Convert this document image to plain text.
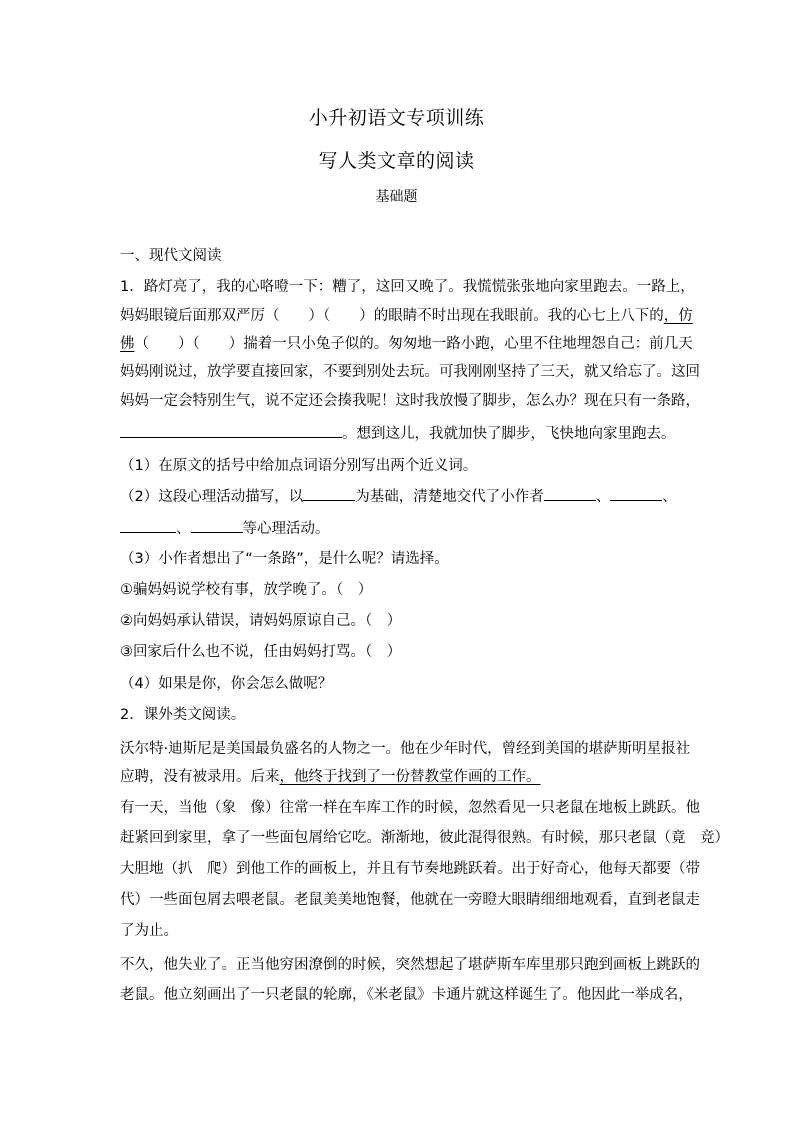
小升初语文专项训练
写人类文章的阅读
基础题
一、现代文阅读
1．路灯亮了，我的心咯噔一下：糟了，这回又晚了。我慌慌张张地向家里跑去。一路上，
妈妈眼镜后面那双严厉（　　）（　　）的眼睛不时出现在我眼前。我的心七上八下的，仿
佛（　　）（　　）揣着一只小兔子似的。匆匆地一路小跑，心里不住地埋怨自己：前几天
妈妈刚说过，放学要直接回家，不要到别处去玩。可我刚刚坚持了三天，就又给忘了。这回
妈妈一定会特别生气，说不定还会揍我呢！这时我放慢了脚步，怎么办？现在只有一条路，
。想到这儿，我就加快了脚步，飞快地向家里跑去。
（1）在原文的括号中给加点词语分别写出两个近义词。
（2）这段心理活动描写，以	为基础，清楚地交代了小作者	、	、
、	等心理活动。
（3）小作者想出了“一条路”，是什么呢？请选择。
①骗妈妈说学校有事，放学晚了。（　）
②向妈妈承认错误，请妈妈原谅自己。（　）
③回家后什么也不说，任由妈妈打骂。（　）
（4）如果是你，你会怎么做呢？
2．课外类文阅读。
沃尔特·迪斯尼是美国最负盛名的人物之一。他在少年时代，曾经到美国的堪萨斯明星报社
应聘，没有被录用。后来，他终于找到了一份替教堂作画的工作。
有一天，当他（象　像）往常一样在车库工作的时候，忽然看见一只老鼠在地板上跳跃。他
赶紧回到家里，拿了一些面包屑给它吃。渐渐地，彼此混得很熟。有时候，那只老鼠（竟　竞）
大胆地（扒　爬）到他工作的画板上，并且有节奏地跳跃着。出于好奇心，他每天都要（带
代）一些面包屑去喂老鼠。老鼠美美地饱餐，他就在一旁瞪大眼睛细细地观看，直到老鼠走
了为止。
不久，他失业了。正当他穷困潦倒的时候，突然想起了堪萨斯车库里那只跑到画板上跳跃的
老鼠。他立刻画出了一只老鼠的轮廓，《米老鼠》卡通片就这样诞生了。他因此一举成名，
